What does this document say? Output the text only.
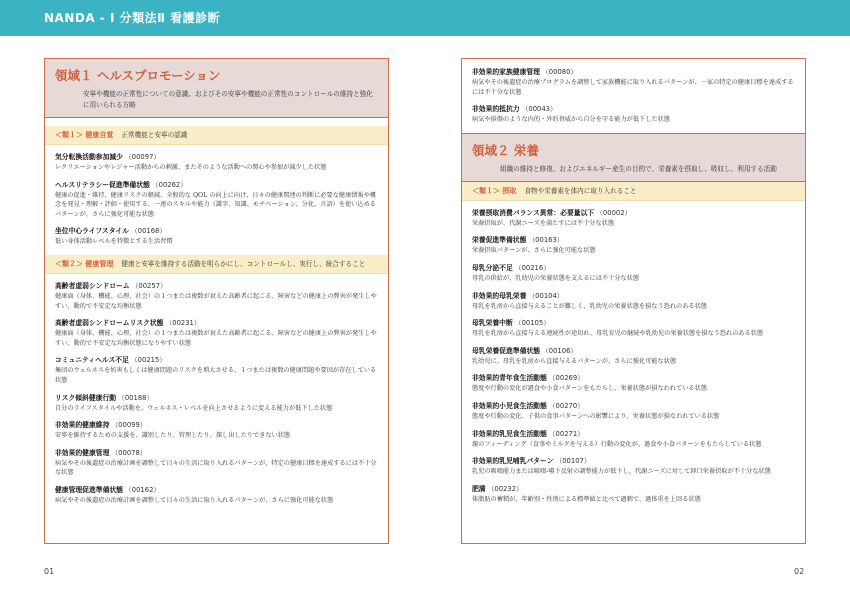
NANDA - I 分類法Ⅱ 看護診断
領域１ ヘルスプロモーション
安寧や機能の正常性についての意識、およびその安寧や機能の正常性のコントロールの維持と強化に用いられる方略
＜類１＞ 健康自覚 正常機能と安寧の認識
気分転換活動参加減少 （00097）
レクリエーションやレジャー活動からの刺激、またそのような活動への関心や参加が減少した状態
ヘルスリテラシー促進準備状態 （00262）
健康の促進・維持、健康リスクの軽減、全般的な QOL の向上に向け、日々の健康関連の判断に必要な健康情報や概念を発見・理解・評価・使用する、一連のスキルや能力（識字、知識、モチベーション、分化、言語）を使い込めるパターンが、さらに強化可能な状態
坐位中心ライフスタイル （00168）
低い身体活動レベルを特徴とする生活習慣
＜類２＞ 健康管理 健康と安寧を維持する活動を明らかにし、コントロールし、実行し、統合すること
高齢者虚弱シンドローム （00257）
健康面（身体、機能、心理、社会）の１つまたは複数が衰えた高齢者に起こる、障害などの健康上の弊害が発生しやすい、動的で不安定な均衡状態
高齢者虚弱シンドロームリスク状態 （00231）
健康面（身体、機能、心理、社会）の１つまたは複数が衰えた高齢者に起こる、障害などの健康上の弊害が発生しやすい、動的で不安定な均衡状態になりやすい状態
コミュニティヘルス不足 （00215）
集団のウェルネスを妨害もしくは健康問題のリスクを増大させる、１つまたは複数の健康問題や要因が存在している状態
リスク傾斜健康行動 （00188）
自分のライフスタイルや活動を、ウェルネス・レベルを向上させるように変える能力が低下した状態
非効果的健康維持 （00099）
安寧を維持するための支援を、識別したり、管理したり、探し出したりできない状態
非効果的健康管理 （00078）
病気やその後遺症の治療計画を調整して日々の生活に取り入れるパターンが、特定の健康目標を達成するには不十分な状態
健康管理促進準備状態 （00162）
病気やその後遺症の治療計画を調整して日々の生活に取り入れるパターンが、さらに強化可能な状態
非効果的家族健康管理 （00080）
病気やその後遺症の治療プログラムを調整して家族機能に取り入れるパターンが、一家の特定の健康目標を達成するには不十分な状態
非効果的抵抗力 （00043）
病気や損傷のような内的・外的脅威から自分を守る能力が低下した状態
領域２ 栄養
組織の維持と修復、およびエネルギー産生の目的で、栄養素を摂取し、吸収し、利用する活動
＜類１＞ 摂取 食物や栄養素を体内に取り入れること
栄養摂取消費バランス異常：必要量以下 （00002）
栄養摂取が、代謝ニーズを満たすには不十分な状態
栄養促進準備状態 （00163）
栄養摂取パターンが、さらに強化可能な状態
母乳分泌不足 （00216）
母乳の供給が、乳幼児の栄養状態を支えるには不十分な状態
非効果的母乳栄養 （00104）
母乳を乳房から直接与えることが難しく、乳幼児の栄養状態を損なう恐れのある状態
母乳栄養中断 （00105）
母乳を乳房から直接与える連続性が途切れ、母乳育児の継続や乳幼児の栄養状態を損なう恐れのある状態
母乳栄養促進準備状態 （00106）
乳幼児に、母乳を乳房から直接与えるパターンが、さらに強化可能な状態
非効果的青年食生活動態 （00269）
態度や行動の変化が過食や小食パターンをもたらし、栄養状態が損なわれている状態
非効果的小児食生活動態 （00270）
態度や行動の変化、子供の食事パターンへの影響により、栄養状態が損なわれている状態
非効果的乳児食生活動態 （00271）
親のフィーディング（食事やミルクを与える）行動の変化が、過食や小食パターンをもたらしている状態
非効果的乳児哺乳パターン （00107）
乳児の吸啜能力または吸啜-嚥下反射の調整能力が低下し、代謝ニーズに対して経口栄養摂取が不十分な状態
肥満 （00232）
体脂肪の蓄積が、年齢別・性別による標準値と比べて過剰で、過体重を上回る状態
01	02
